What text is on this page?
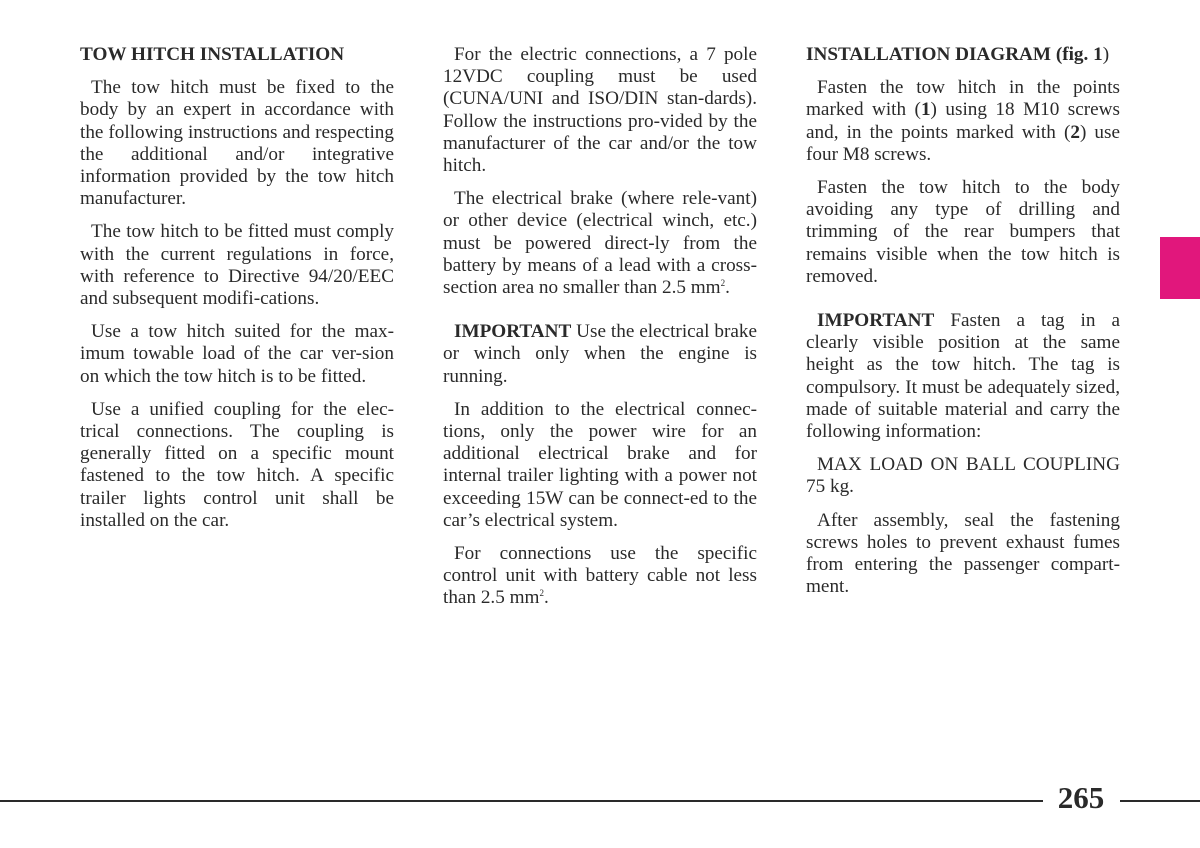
TOW HITCH INSTALLATION

The tow hitch must be fixed to the body by an expert in accordance with the following instructions and respecting the additional and/or integrative information provided by the tow hitch manufacturer.

The tow hitch to be fitted must comply with the current regulations in force, with reference to Directive 94/20/EEC and subsequent modifi-cations.

Use a tow hitch suited for the max-imum towable load of the car ver-sion on which the tow hitch is to be fitted.

Use a unified coupling for the elec-trical connections. The coupling is generally fitted on a specific mount fastened to the tow hitch. A specific trailer lights control unit shall be installed on the car.

For the electric connections, a 7 pole 12VDC coupling must be used (CUNA/UNI and ISO/DIN stan-dards). Follow the instructions pro-vided by the manufacturer of the car and/or the tow hitch.

The electrical brake (where rele-vant) or other device (electrical winch, etc.) must be powered direct-ly from the battery by means of a lead with a cross-section area no smaller than 2.5 $mm^2$.

IMPORTANT Use the electrical brake or winch only when the engine is running.

In addition to the electrical connec-tions, only the power wire for an additional electrical brake and for internal trailer lighting with a power not exceeding 15W can be connect-ed to the car’s electrical system.

For connections use the specific control unit with battery cable not less than 2.5 $mm^2$.

INSTALLATION DIAGRAM (fig. 1)

Fasten the tow hitch in the points marked with (1) using 18 M10 screws and, in the points marked with (2) use four M8 screws.

Fasten the tow hitch to the body avoiding any type of drilling and trimming of the rear bumpers that remains visible when the tow hitch is removed.

IMPORTANT Fasten a tag in a clearly visible position at the same height as the tow hitch. The tag is compulsory. It must be adequately sized, made of suitable material and carry the following information:

MAX LOAD ON BALL COUPLING 75 kg.

After assembly, seal the fastening screws holes to prevent exhaust fumes from entering the passenger compart-ment.

265
